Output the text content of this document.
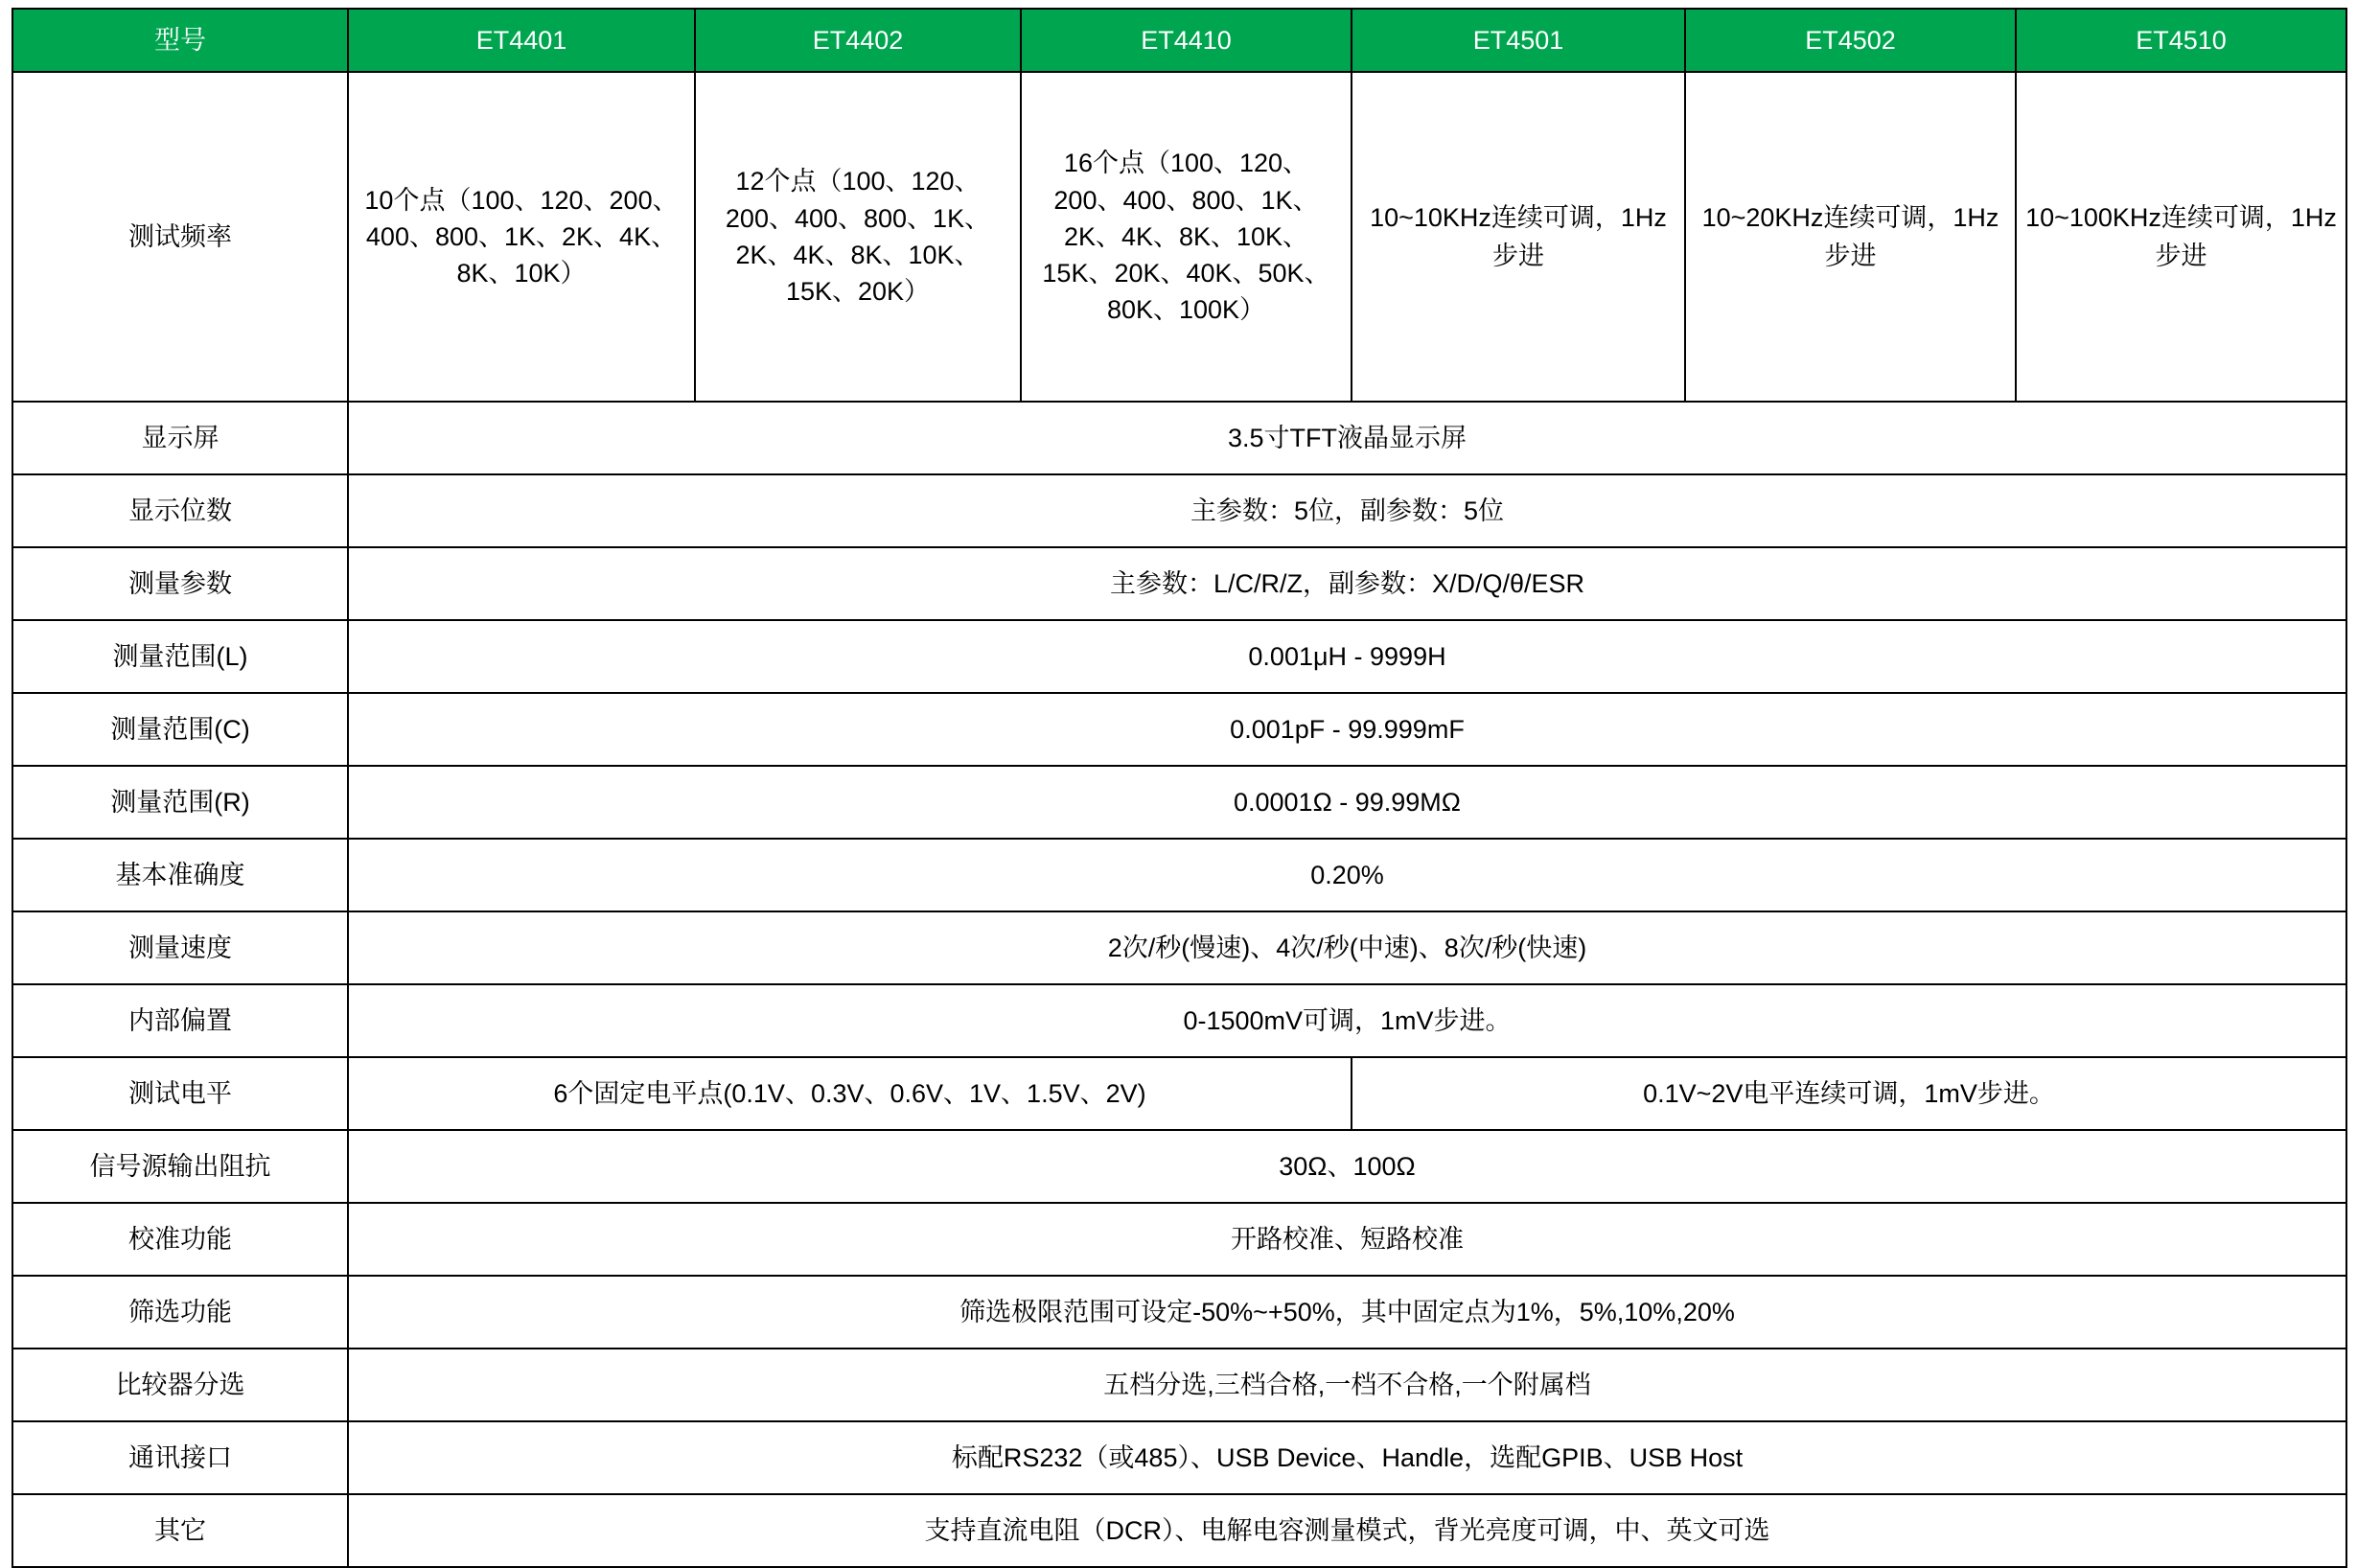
型号	ET4401	ET4402	ET4410	ET4501	ET4502	ET4510
测试频率	10个点（100、120、200、400、800、1K、2K、4K、8K、10K）	12个点（100、120、200、400、800、1K、2K、4K、8K、10K、15K、20K）	16个点（100、120、200、400、800、1K、2K、4K、8K、10K、15K、20K、40K、50K、80K、100K）	10~10KHz连续可调，1Hz步进	10~20KHz连续可调，1Hz步进	10~100KHz连续可调，1Hz步进
显示屏	3.5寸TFT液晶显示屏					
显示位数	主参数：5位，副参数：5位					
测量参数	主参数：L/C/R/Z，副参数：X/D/Q/θ/ESR					
测量范围(L)	0.001μH - 9999H					
测量范围(C)	0.001pF - 99.999mF					
测量范围(R)	0.0001Ω - 99.99MΩ					
基本准确度	0.20%					
测量速度	2次/秒(慢速)、4次/秒(中速)、8次/秒(快速)					
内部偏置	0-1500mV可调，1mV步进。					
测试电平	6个固定电平点(0.1V、0.3V、0.6V、1V、1.5V、2V)			0.1V~2V电平连续可调，1mV步进。		
信号源输出阻抗	30Ω、100Ω					
校准功能	开路校准、短路校准					
筛选功能	筛选极限范围可设定-50%~+50%，其中固定点为1%，5%,10%,20%					
比较器分选	五档分选,三档合格,一档不合格,一个附属档					
通讯接口	标配RS232（或485）、USB Device、Handle，选配GPIB、USB Host					
其它	支持直流电阻（DCR）、电解电容测量模式，背光亮度可调，中、英文可选					
